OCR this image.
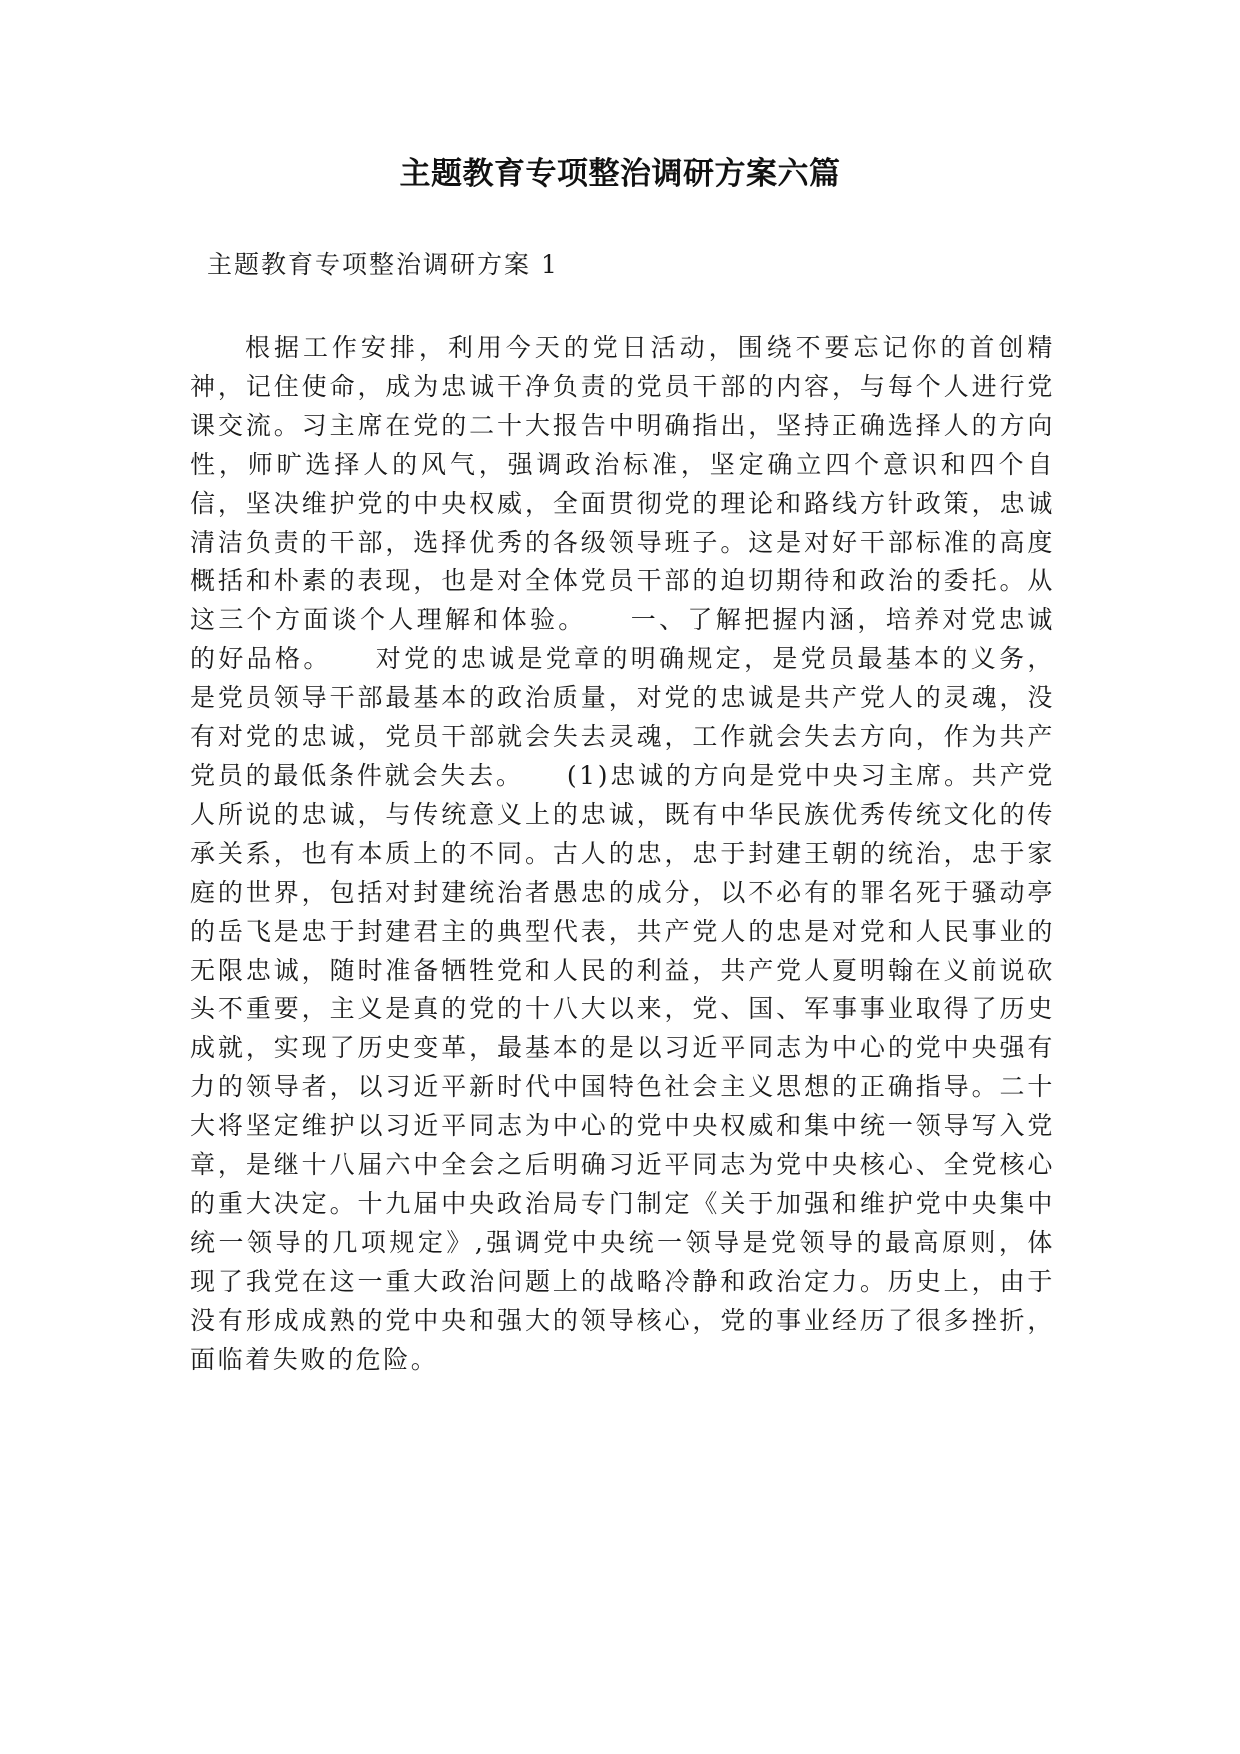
主题教育专项整治调研方案六篇
主题教育专项整治调研方案 1
根据工作安排，利用今天的党日活动，围绕不要忘记你的首创精神，记住使命，成为忠诚干净负责的党员干部的内容，与每个人进行党课交流。习主席在党的二十大报告中明确指出，坚持正确选择人的方向性，师旷选择人的风气，强调政治标准，坚定确立四个意识和四个自信，坚决维护党的中央权威，全面贯彻党的理论和路线方针政策，忠诚清洁负责的干部，选择优秀的各级领导班子。这是对好干部标准的高度概括和朴素的表现，也是对全体党员干部的迫切期待和政治的委托。从这三个方面谈个人理解和体验。　　一、了解把握内涵，培养对党忠诚的好品格。　　对党的忠诚是党章的明确规定，是党员最基本的义务，是党员领导干部最基本的政治质量，对党的忠诚是共产党人的灵魂，没有对党的忠诚，党员干部就会失去灵魂，工作就会失去方向，作为共产党员的最低条件就会失去。　　(1)忠诚的方向是党中央习主席。共产党人所说的忠诚，与传统意义上的忠诚，既有中华民族优秀传统文化的传承关系，也有本质上的不同。古人的忠，忠于封建王朝的统治，忠于家庭的世界，包括对封建统治者愚忠的成分，以不必有的罪名死于骚动亭的岳飞是忠于封建君主的典型代表，共产党人的忠是对党和人民事业的无限忠诚，随时准备牺牲党和人民的利益，共产党人夏明翰在义前说砍头不重要，主义是真的党的十八大以来，党、国、军事事业取得了历史成就，实现了历史变革，最基本的是以习近平同志为中心的党中央强有力的领导者，以习近平新时代中国特色社会主义思想的正确指导。二十大将坚定维护以习近平同志为中心的党中央权威和集中统一领导写入党章，是继十八届六中全会之后明确习近平同志为党中央核心、全党核心的重大决定。十九届中央政治局专门制定《关于加强和维护党中央集中统一领导的几项规定》,强调党中央统一领导是党领导的最高原则，体现了我党在这一重大政治问题上的战略冷静和政治定力。历史上，由于没有形成成熟的党中央和强大的领导核心，党的事业经历了很多挫折，面临着失败的危险。
